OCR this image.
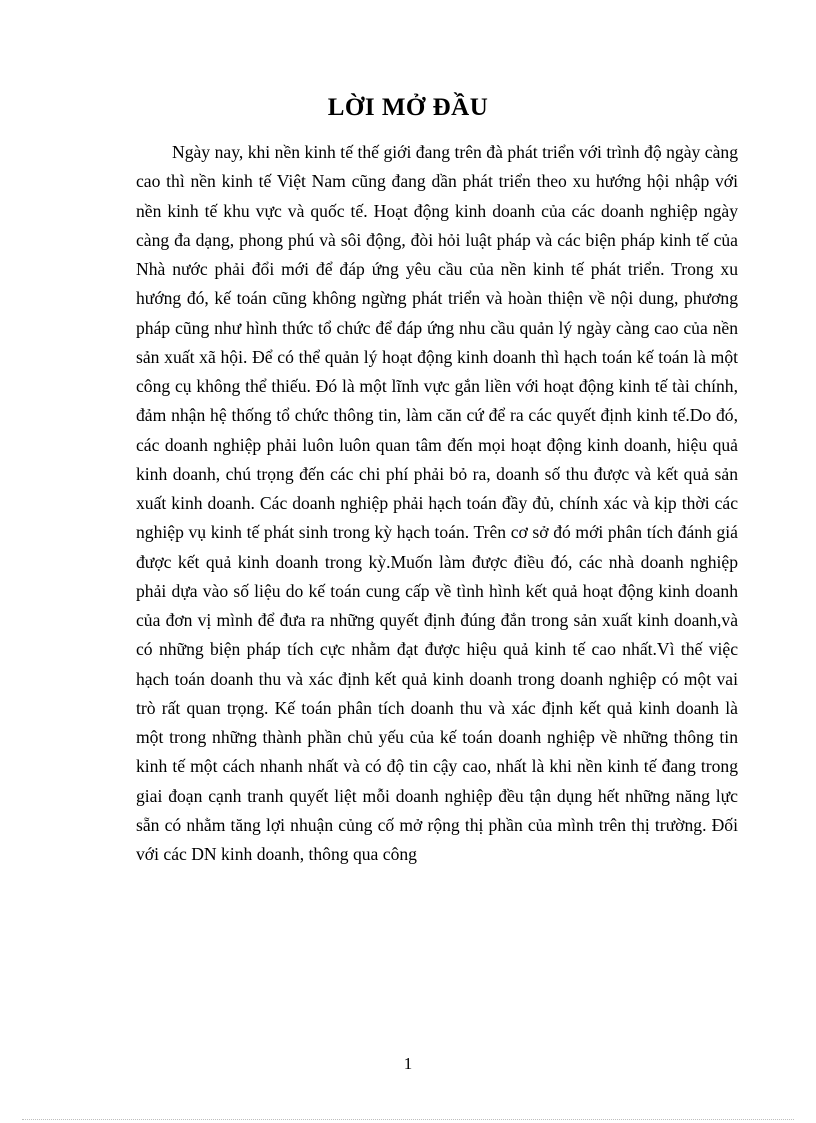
LỜI MỞ ĐẦU

Ngày nay, khi nền kinh tế thế giới đang trên đà phát triển với trình độ ngày càng cao thì nền kinh tế Việt Nam cũng đang dần phát triển theo xu hướng hội nhập với nền kinh tế khu vực và quốc tế. Hoạt động kinh doanh của các doanh nghiệp ngày càng đa dạng, phong phú và sôi động, đòi hỏi luật pháp và các biện pháp kinh tế của Nhà nước phải đổi mới để đáp ứng yêu cầu của nền kinh tế phát triển. Trong xu hướng đó, kế toán cũng không ngừng phát triển và hoàn thiện về nội dung, phương pháp cũng như hình thức tổ chức để đáp ứng nhu cầu quản lý ngày càng cao của nền sản xuất xã hội. Để có thể quản lý hoạt động kinh doanh thì hạch toán kế toán là một công cụ không thể thiếu. Đó là một lĩnh vực gắn liền với hoạt động kinh tế tài chính, đảm nhận hệ thống tổ chức thông tin, làm căn cứ để ra các quyết định kinh tế.Do đó, các doanh nghiệp phải luôn luôn quan tâm đến mọi hoạt động kinh doanh, hiệu quả kinh doanh, chú trọng đến các chi phí phải bỏ ra, doanh số thu được và kết quả sản xuất kinh doanh. Các doanh nghiệp phải hạch toán đầy đủ, chính xác và kịp thời các nghiệp vụ kinh tế phát sinh trong kỳ hạch toán. Trên cơ sở đó mới phân tích đánh giá được kết quả kinh doanh trong kỳ.Muốn làm được điều đó, các nhà doanh nghiệp phải dựa vào số liệu do kế toán cung cấp về tình hình kết quả hoạt động kinh doanh của đơn vị mình để đưa ra những quyết định đúng đắn trong sản xuất kinh doanh,và có những biện pháp tích cực nhằm đạt được hiệu quả kinh tế cao nhất.Vì thế việc hạch toán doanh thu và xác định kết quả kinh doanh trong doanh nghiệp có một vai trò rất quan trọng. Kế toán phân tích doanh thu và xác định kết quả kinh doanh là một trong những thành phần chủ yếu của kế toán doanh nghiệp về những thông tin kinh tế một cách nhanh nhất và có độ tin cậy cao, nhất là khi nền kinh tế đang trong giai đoạn cạnh tranh quyết liệt mỗi doanh nghiệp đều tận dụng hết những năng lực sẵn có nhằm tăng lợi nhuận củng cố mở rộng thị phần của mình trên thị trường. Đối với các DN kinh doanh, thông qua công

1
